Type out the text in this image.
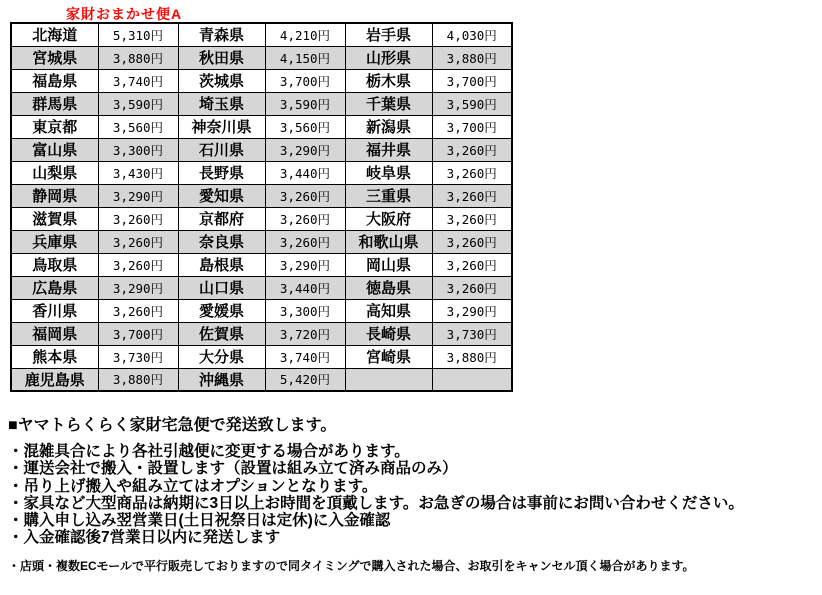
家財おまかせ便A
北海道	5,310円	青森県	4,210円	岩手県	4,030円
宮城県	3,880円	秋田県	4,150円	山形県	3,880円
福島県	3,740円	茨城県	3,700円	栃木県	3,700円
群馬県	3,590円	埼玉県	3,590円	千葉県	3,590円
東京都	3,560円	神奈川県	3,560円	新潟県	3,700円
富山県	3,300円	石川県	3,290円	福井県	3,260円
山梨県	3,430円	長野県	3,440円	岐阜県	3,260円
静岡県	3,290円	愛知県	3,260円	三重県	3,260円
滋賀県	3,260円	京都府	3,260円	大阪府	3,260円
兵庫県	3,260円	奈良県	3,260円	和歌山県	3,260円
鳥取県	3,260円	島根県	3,290円	岡山県	3,260円
広島県	3,290円	山口県	3,440円	徳島県	3,260円
香川県	3,260円	愛媛県	3,300円	高知県	3,290円
福岡県	3,700円	佐賀県	3,720円	長崎県	3,730円
熊本県	3,730円	大分県	3,740円	宮崎県	3,880円
鹿児島県	3,880円	沖縄県	5,420円		
■ヤマトらくらく家財宅急便で発送致します。
・混雑具合により各社引越便に変更する場合があります。
・運送会社で搬入・設置します（設置は組み立て済み商品のみ）
・吊り上げ搬入や組み立てはオプションとなります。
・家具など大型商品は納期に3日以上お時間を頂戴します。お急ぎの場合は事前にお問い合わせください。
・購入申し込み翌営業日(土日祝祭日は定休)に入金確認
・入金確認後7営業日以内に発送します
・店頭・複数ECモールで平行販売しておりますので同タイミングで購入された場合、お取引をキャンセル頂く場合があります。
